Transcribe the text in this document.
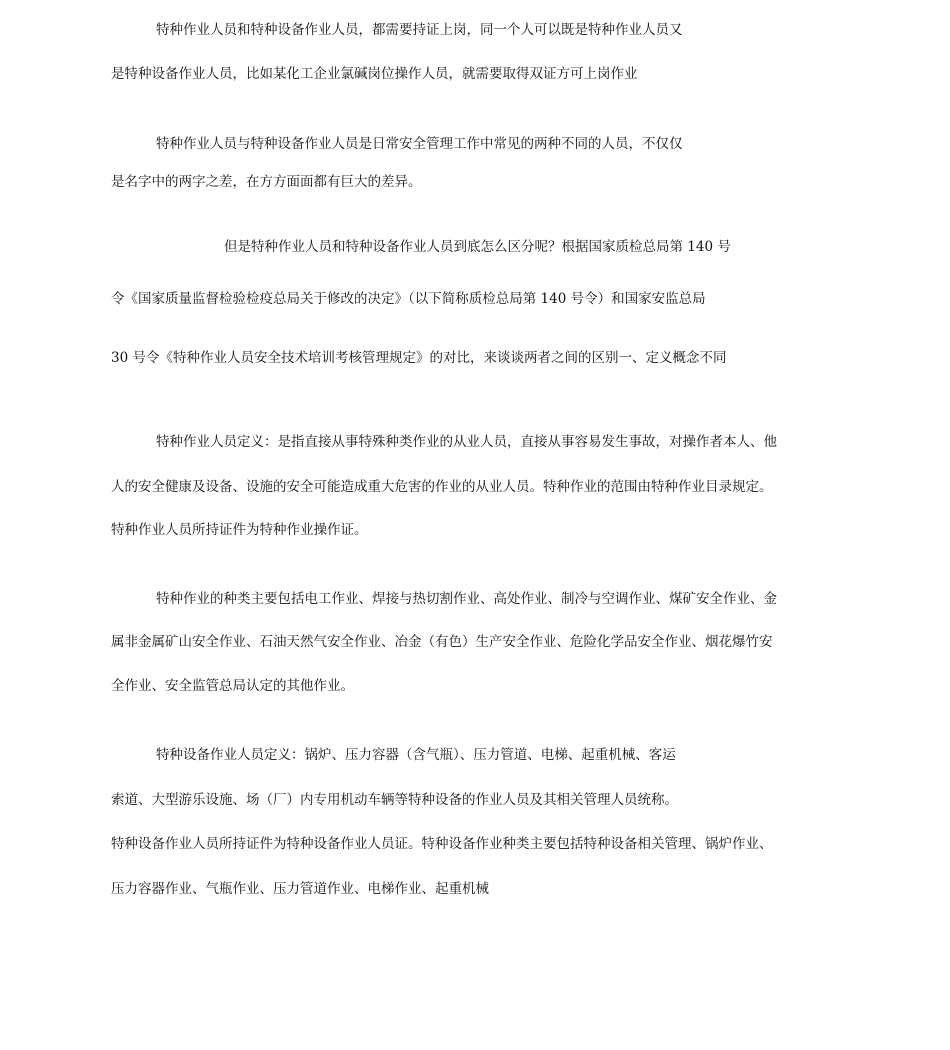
特种作业人员和特种设备作业人员，都需要持证上岗，同一个人可以既是特种作业人员又
是特种设备作业人员，比如某化工企业氯碱岗位操作人员，就需要取得双证方可上岗作业
特种作业人员与特种设备作业人员是日常安全管理工作中常见的两种不同的人员，不仅仅
是名字中的两字之差，在方方面面都有巨大的差异。
但是特种作业人员和特种设备作业人员到底怎么区分呢？根据国家质检总局第 140 号
令《国家质量监督检验检疫总局关于修改的决定》（以下简称质检总局第 140 号令）和国家安监总局
30 号令《特种作业人员安全技术培训考核管理规定》的对比，来谈谈两者之间的区别一、定义概念不同
特种作业人员定义：是指直接从事特殊种类作业的从业人员，直接从事容易发生事故，对操作者本人、他
人的安全健康及设备、设施的安全可能造成重大危害的作业的从业人员。特种作业的范围由特种作业目录规定。
特种作业人员所持证件为特种作业操作证。
特种作业的种类主要包括电工作业、焊接与热切割作业、高处作业、制冷与空调作业、煤矿安全作业、金
属非金属矿山安全作业、石油天然气安全作业、冶金（有色）生产安全作业、危险化学品安全作业、烟花爆竹安
全作业、安全监管总局认定的其他作业。
特种设备作业人员定义：锅炉、压力容器（含气瓶）、压力管道、电梯、起重机械、客运
索道、大型游乐设施、场（厂）内专用机动车辆等特种设备的作业人员及其相关管理人员统称。
特种设备作业人员所持证件为特种设备作业人员证。特种设备作业种类主要包括特种设备相关管理、锅炉作业、
压力容器作业、气瓶作业、压力管道作业、电梯作业、起重机械
